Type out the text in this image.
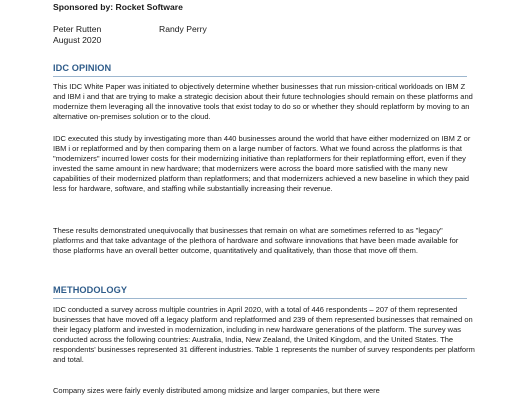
Sponsored by: Rocket Software
Peter Rutten	Randy Perry
August 2020
IDC OPINION

This IDC White Paper was initiated to objectively determine whether businesses that run mission-critical workloads on IBM Z and IBM i and that are trying to make a strategic decision about their future technologies should remain on these platforms and modernize them leveraging all the innovative tools that exist today to do so or whether they should replatform by moving to an alternative on-premises solution or to the cloud.

IDC executed this study by investigating more than 440 businesses around the world that have either modernized on IBM Z or IBM i or replatformed and by then comparing them on a large number of factors. What we found across the platforms is that "modernizers" incurred lower costs for their modernizing initiative than replatformers for their replatforming effort, even if they invested the same amount in new hardware; that modernizers were across the board more satisfied with the many new capabilities of their modernized platform than replatformers; and that modernizers achieved a new baseline in which they paid less for hardware, software, and staffing while substantially increasing their revenue.

These results demonstrated unequivocally that businesses that remain on what are sometimes referred to as "legacy" platforms and that take advantage of the plethora of hardware and software innovations that have been made available for those platforms have an overall better outcome, quantitatively and qualitatively, than those that move off them.

METHODOLOGY

IDC conducted a survey across multiple countries in April 2020, with a total of 446 respondents – 207 of them represented businesses that have moved off a legacy platform and replatformed and 239 of them represented businesses that remained on their legacy platform and invested in modernization, including in new hardware generations of the platform. The survey was conducted across the following countries: Australia, India, New Zealand, the United Kingdom, and the United States. The respondents' businesses represented 31 different industries. Table 1 represents the number of survey respondents per platform and total.

Company sizes were fairly evenly distributed among midsize and larger companies, but there were
